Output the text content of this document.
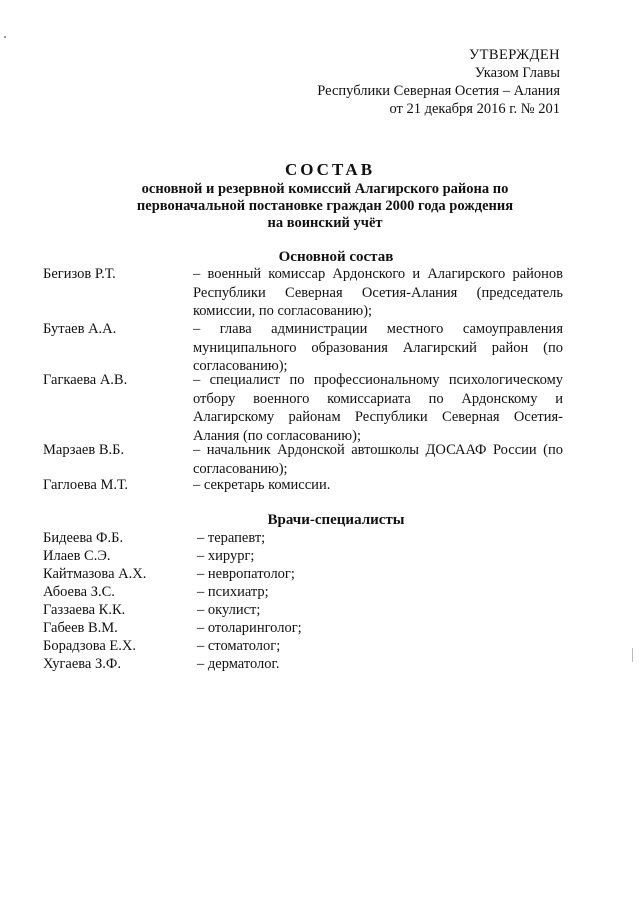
УТВЕРЖДЕН
Указом Главы
Республики Северная Осетия – Алания
от 21 декабря 2016 г. № 201
СОСТАВ
основной и резервной комиссий Алагирского района по
первоначальной постановке граждан 2000 года рождения
на воинский учёт
Основной состав
Бегизов Р.Т.	– военный комиссар Ардонского и Алагирского районов Республики Северная Осетия-Алания (председатель комиссии, по согласованию);
Бутаев А.А.	– глава администрации местного самоуправления муниципального образования Алагирский район (по согласованию);
Гагкаева А.В.	– специалист по профессиональному психологическому отбору военного комиссариата по Ардонскому и Алагирскому районам Республики Северная Осетия-Алания (по согласованию);
Марзаев В.Б.	– начальник Ардонской автошколы ДОСААФ России (по согласованию);
Гаглоева М.Т.	– секретарь комиссии.
Врачи-специалисты
Бидеева Ф.Б.	– терапевт;
Илаев С.Э.	– хирург;
Кайтмазова А.Х.	– невропатолог;
Абоева З.С.	– психиатр;
Газзаева К.К.	– окулист;
Габеев В.М.	– отоларинголог;
Борадзова Е.Х.	– стоматолог;
Хугаева З.Ф.	– дерматолог.
